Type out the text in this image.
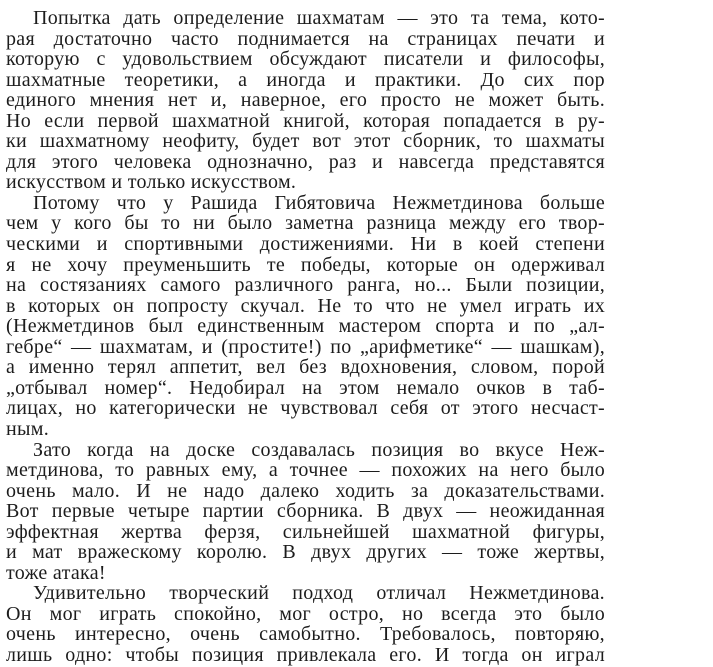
Попытка дать определение шахматам — это та тема, кото-
рая достаточно часто поднимается на страницах печати и
которую с удовольствием обсуждают писатели и философы,
шахматные теоретики, а иногда и практики. До сих пор
единого мнения нет и, наверное, его просто не может быть.
Но если первой шахматной книгой, которая попадается в ру-
ки шахматному неофиту, будет вот этот сборник, то шахматы
для этого человека однозначно, раз и навсегда представятся
искусством и только искусством.
Потому что у Рашида Гибятовича Нежметдинова больше
чем у кого бы то ни было заметна разница между его твор-
ческими и спортивными достижениями. Ни в коей степени
я не хочу преуменьшить те победы, которые он одерживал
на состязаниях самого различного ранга, но... Были позиции,
в которых он попросту скучал. Не то что не умел играть их
(Нежметдинов был единственным мастером спорта и по „ал-
гебре“ — шахматам, и (простите!) по „арифметике“ — шашкам),
а именно терял аппетит, вел без вдохновения, словом, порой
„отбывал номер“. Недобирал на этом немало очков в таб-
лицах, но категорически не чувствовал себя от этого несчаст-
ным.
Зато когда на доске создавалась позиция во вкусе Неж-
метдинова, то равных ему, а точнее — похожих на него было
очень мало. И не надо далеко ходить за доказательствами.
Вот первые четыре партии сборника. В двух — неожиданная
эффектная жертва ферзя, сильнейшей шахматной фигуры,
и мат вражескому королю. В двух других — тоже жертвы,
тоже атака!
Удивительно творческий подход отличал Нежметдинова.
Он мог играть спокойно, мог остро, но всегда это было
очень интересно, очень самобытно. Требовалось, повторяю,
лишь одно: чтобы позиция привлекала его. И тогда он играл
